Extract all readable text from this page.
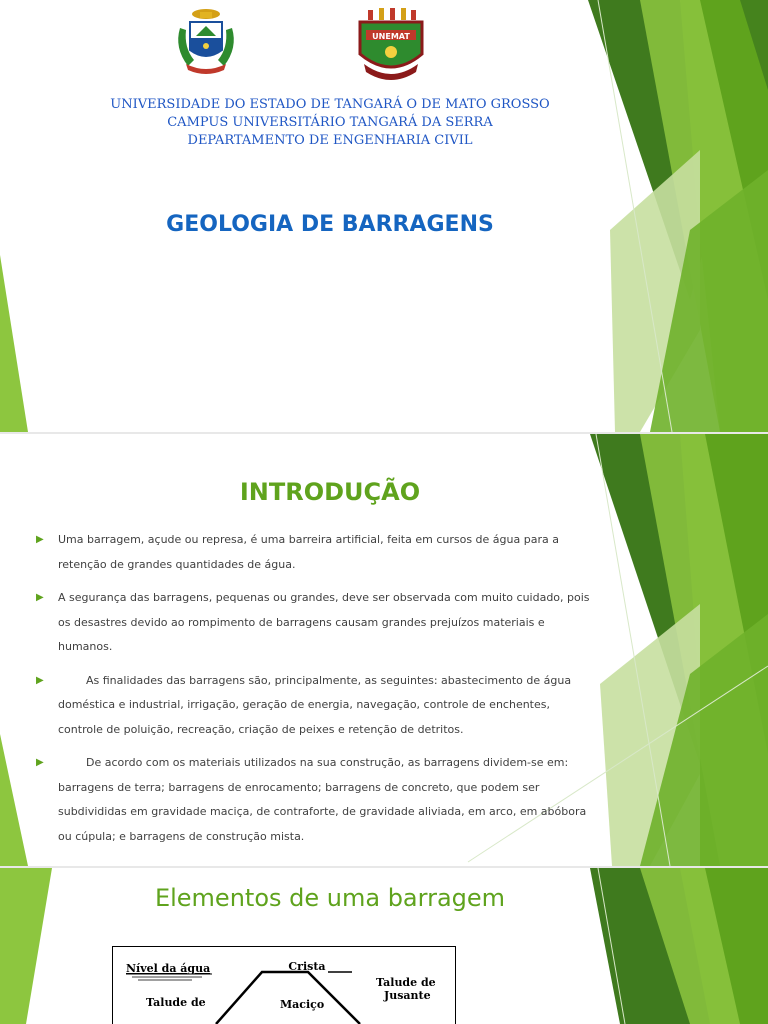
UNEMAT
UNIVERSIDADE DO ESTADO DE TANGARÁ O DE MATO GROSSO
CAMPUS UNIVERSITÁRIO TANGARÁ DA SERRA
DEPARTAMENTO DE ENGENHARIA CIVIL
GEOLOGIA DE BARRAGENS
INTRODUÇÃO
▶ Uma barragem, açude ou represa, é uma barreira artificial, feita em cursos de água para a retenção de grandes quantidades de água.
▶ A segurança das barragens, pequenas ou grandes, deve ser observada com muito cuidado, pois os desastres devido ao rompimento de barragens causam grandes prejuízos materiais e humanos.
▶	As finalidades das barragens são, principalmente, as seguintes: abastecimento de água doméstica e industrial, irrigação, geração de energia, navegação, controle de enchentes, controle de poluição, recreação, criação de peixes e retenção de detritos.
▶	De acordo com os materiais utilizados na sua construção, as barragens dividem-se em: barragens de terra; barragens de enrocamento; barragens de concreto, que podem ser subdivididas em gravidade maciça, de contraforte, de gravidade aliviada, em arco, em abóbora ou cúpula; e barragens de construção mista.
Elementos de uma barragem
Crista
Nível da água
Talude de
Jusante
Talude de	Maciço
